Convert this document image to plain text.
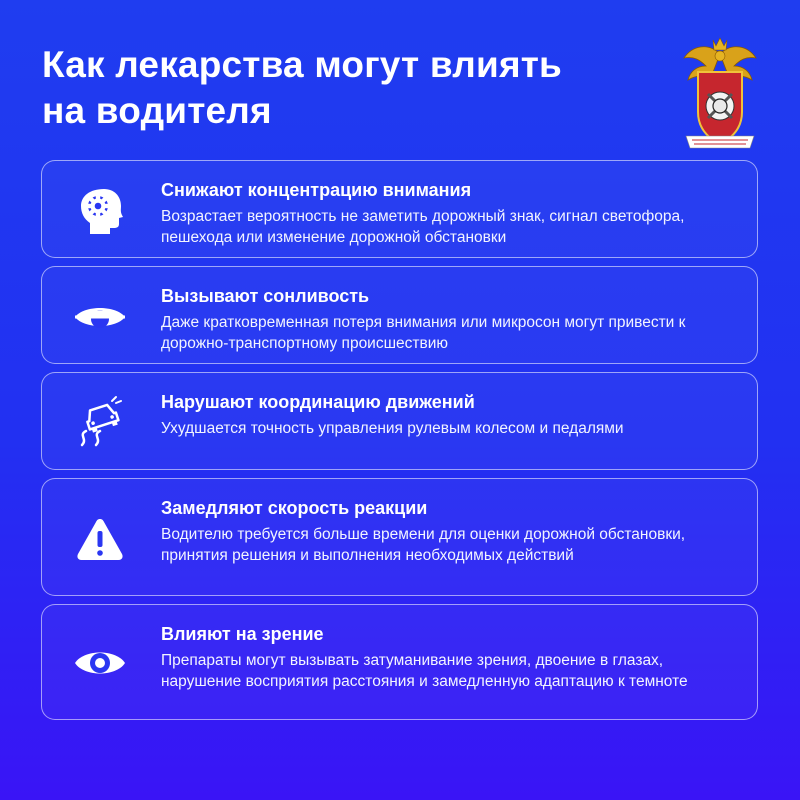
Как лекарства могут влиять
на водителя
Снижают концентрацию внимания
Возрастает вероятность не заметить дорожный знак, сигнал светофора, пешехода или изменение дорожной обстановки
Вызывают сонливость
Даже кратковременная потеря внимания или микросон могут привести к дорожно-транспортному происшествию
Нарушают координацию движений
Ухудшается точность управления рулевым колесом и педалями
Замедляют скорость реакции
Водителю требуется больше времени для оценки дорожной обстановки, принятия решения и выполнения необходимых действий
Влияют на зрение
Препараты могут вызывать затуманивание зрения, двоение в глазах, нарушение восприятия расстояния и замедленную адаптацию к темноте
